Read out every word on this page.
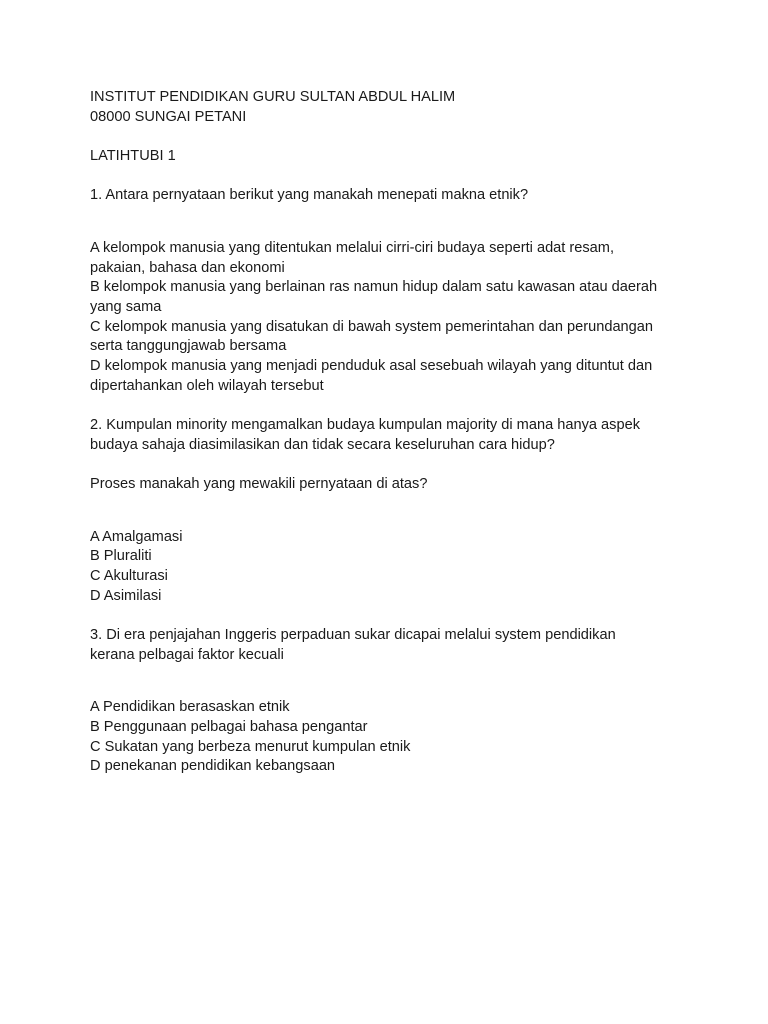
INSTITUT PENDIDIKAN GURU SULTAN ABDUL HALIM
08000 SUNGAI PETANI
LATIHTUBI 1
1. Antara pernyataan berikut yang manakah menepati makna etnik?
A kelompok manusia yang ditentukan melalui cirri-ciri budaya seperti adat resam,
pakaian, bahasa dan ekonomi
B kelompok manusia yang berlainan ras namun hidup dalam satu kawasan atau daerah
yang sama
C kelompok manusia yang disatukan di bawah system pemerintahan dan perundangan
serta tanggungjawab bersama
D kelompok manusia yang menjadi penduduk asal sesebuah wilayah yang dituntut dan
dipertahankan oleh wilayah tersebut
2. Kumpulan minority mengamalkan budaya kumpulan majority di mana hanya aspek
budaya sahaja diasimilasikan dan tidak secara keseluruhan cara hidup?
Proses manakah yang mewakili pernyataan di atas?
A Amalgamasi
B Pluraliti
C Akulturasi
D Asimilasi
3. Di era penjajahan Inggeris perpaduan sukar dicapai melalui system pendidikan
kerana pelbagai faktor kecuali
A Pendidikan berasaskan etnik
B Penggunaan pelbagai bahasa pengantar
C Sukatan yang berbeza menurut kumpulan etnik
D penekanan pendidikan kebangsaan
